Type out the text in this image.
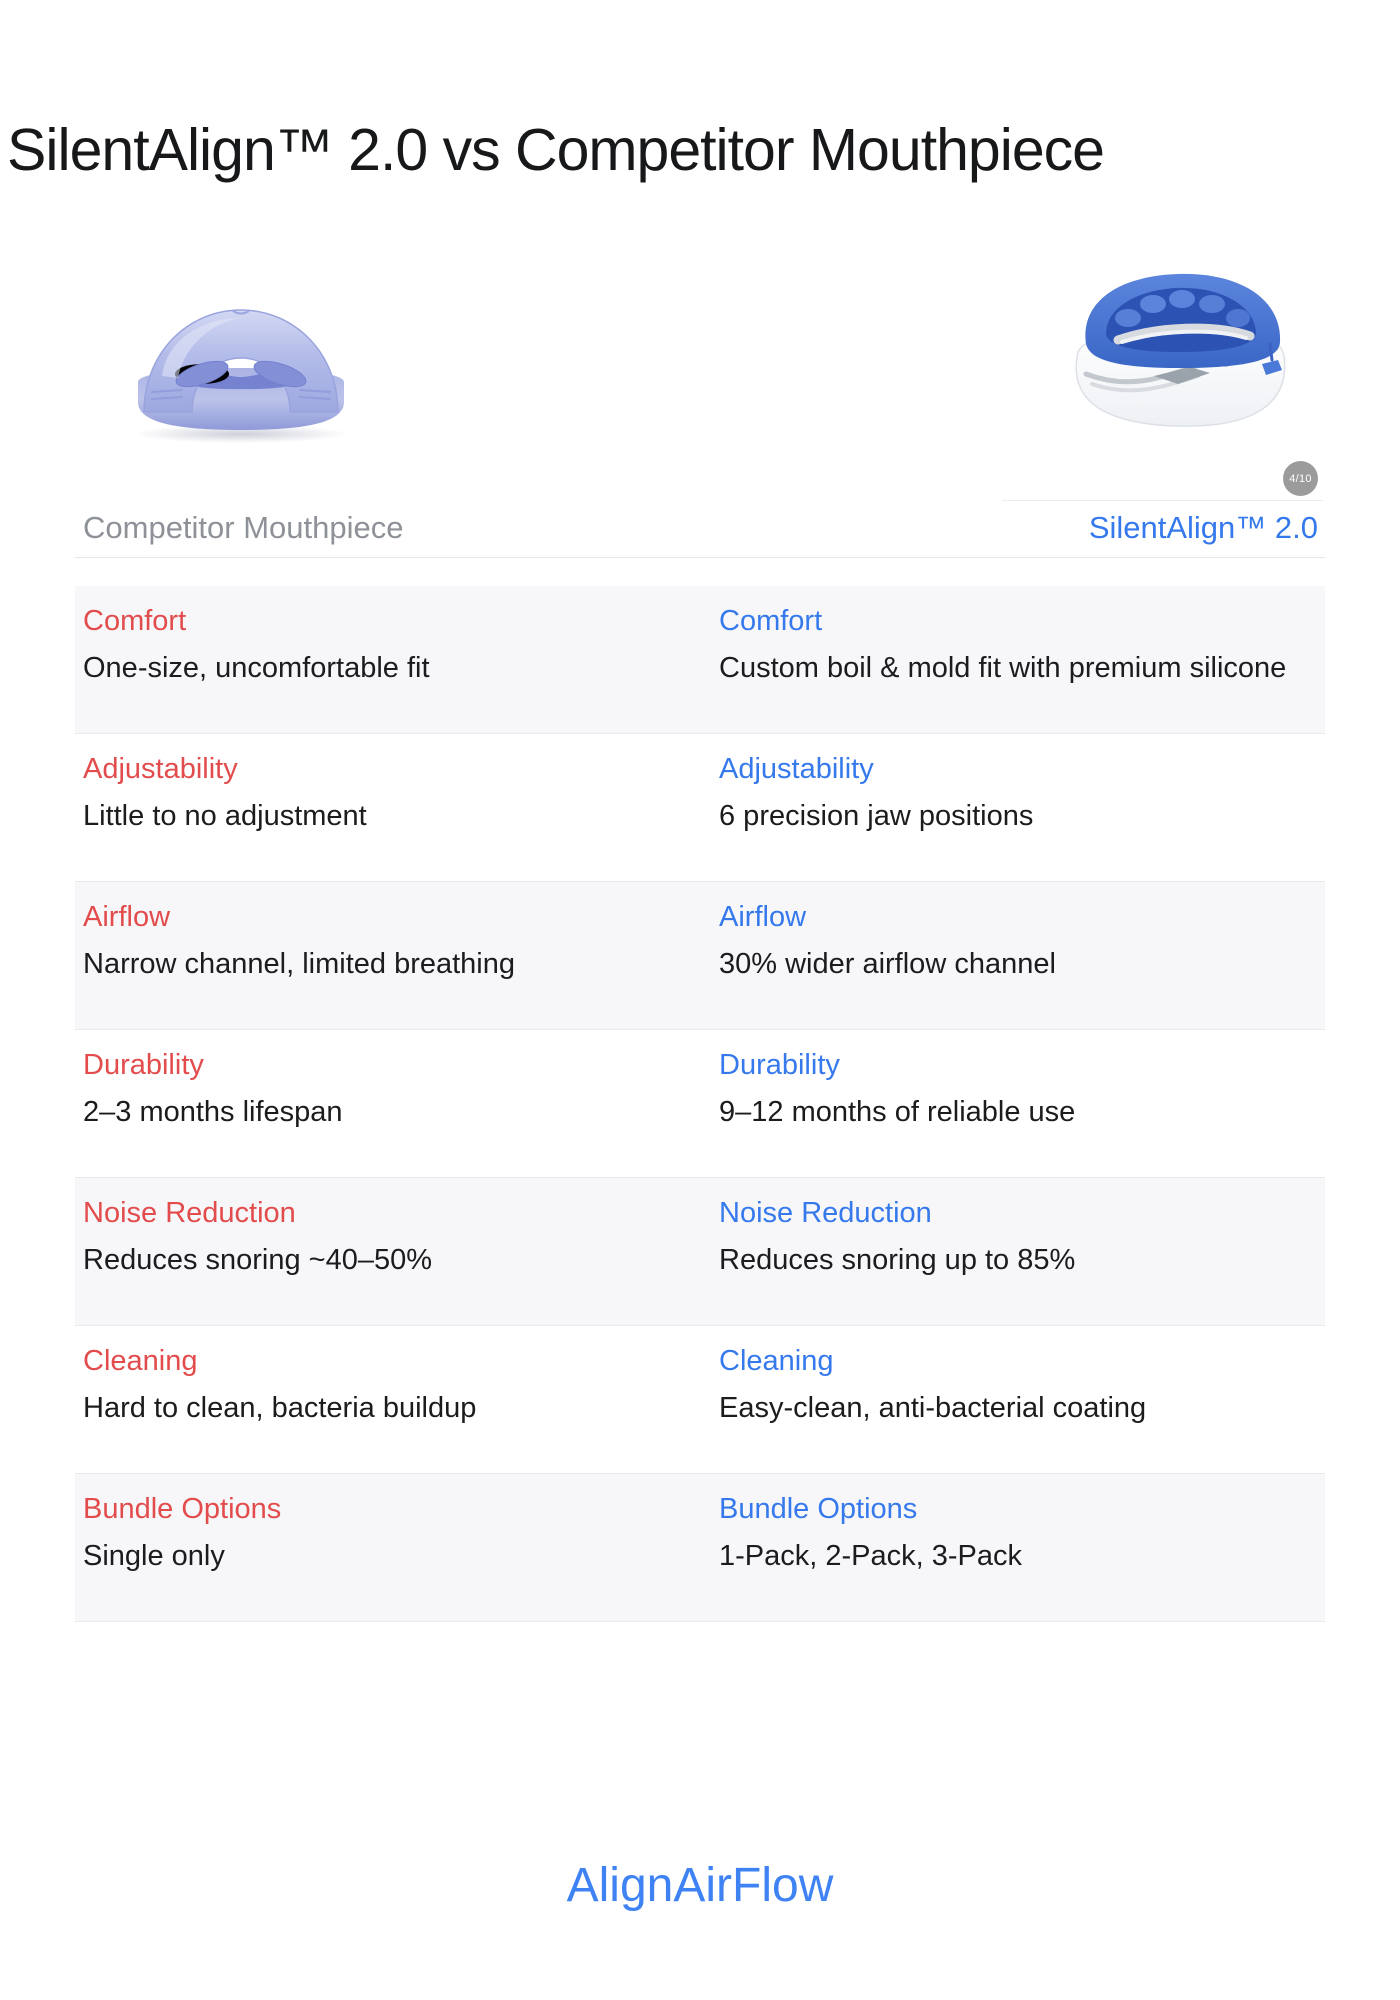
SilentAlign™ 2.0 vs Competitor Mouthpiece
4/10
Competitor Mouthpiece	SilentAlign™ 2.0
Comfort

One-size, uncomfortable fit

Comfort

Custom boil & mold fit with premium silicone

Adjustability

Little to no adjustment

Adjustability

6 precision jaw positions

Airflow

Narrow channel, limited breathing

Airflow

30% wider airflow channel

Durability

2–3 months lifespan

Durability

9–12 months of reliable use

Noise Reduction

Reduces snoring ~40–50%

Noise Reduction

Reduces snoring up to 85%

Cleaning

Hard to clean, bacteria buildup

Cleaning

Easy-clean, anti-bacterial coating

Bundle Options

Single only

Bundle Options

1-Pack, 2-Pack, 3-Pack

AlignAirFlow
